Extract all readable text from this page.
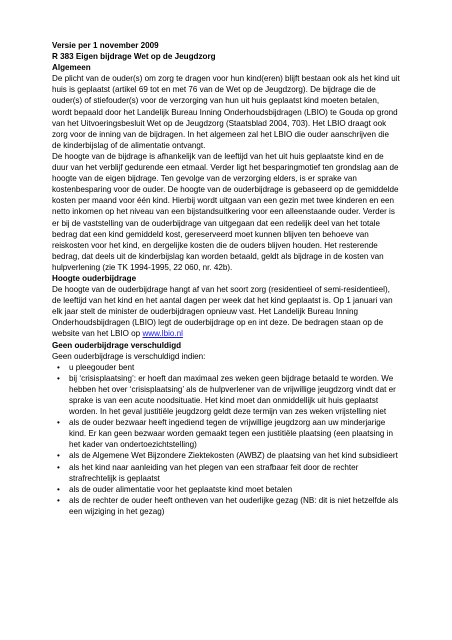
Versie per 1 november 2009

R 383 Eigen bijdrage Wet op de Jeugdzorg

Algemeen

De plicht van de ouder(s) om zorg te dragen voor hun kind(eren) blijft bestaan ook als het kind uit huis is geplaatst (artikel 69 tot en met 76 van de Wet op de Jeugdzorg). De bijdrage die de ouder(s) of stiefouder(s) voor de verzorging van hun uit huis geplaatst kind moeten betalen, wordt bepaald door het Landelijk Bureau Inning Onderhoudsbijdragen (LBIO) te Gouda op grond van het Uitvoeringsbesluit Wet op de Jeugdzorg (Staatsblad 2004, 703). Het LBIO draagt ook zorg voor de inning van de bijdragen. In het algemeen zal het LBIO die ouder aanschrijven die de kinderbijslag of de alimentatie ontvangt.

De hoogte van de bijdrage is afhankelijk van de leeftijd van het uit huis geplaatste kind en de duur van het verblijf gedurende een etmaal. Verder ligt het besparingmotief ten grondslag aan de hoogte van de eigen bijdrage. Ten gevolge van de verzorging elders, is er sprake van kostenbesparing voor de ouder. De hoogte van de ouderbijdrage is gebaseerd op de gemiddelde kosten per maand voor één kind. Hierbij wordt uitgaan van een gezin met twee kinderen en een netto inkomen op het niveau van een bijstandsuitkering voor een alleenstaande ouder. Verder is er bij de vaststelling van de ouderbijdrage van uitgegaan dat een redelijk deel van het totale bedrag dat een kind gemiddeld kost, gereserveerd moet kunnen blijven ten behoeve van reiskosten voor het kind, en dergelijke kosten die de ouders blijven houden. Het resterende bedrag, dat deels uit de kinderbijslag kan worden betaald, geldt als bijdrage in de kosten van hulpverlening (zie TK 1994-1995, 22 060, nr. 42b).

Hoogte ouderbijdrage

De hoogte van de ouderbijdrage hangt af van het soort zorg (residentieel of semi-residentieel), de leeftijd van het kind en het aantal dagen per week dat het kind geplaatst is. Op 1 januari van elk jaar stelt de minister de ouderbijdragen opnieuw vast. Het Landelijk Bureau Inning Onderhoudsbijdragen (LBIO) legt de ouderbijdrage op en int deze. De bedragen staan op de website van het LBIO op www.lbio.nl

Geen ouderbijdrage verschuldigd

Geen ouderbijdrage is verschuldigd indien:

• u pleegouder bent
• bij ‘crisisplaatsing’: er hoeft dan maximaal zes weken geen bijdrage betaald te worden. We hebben het over ‘crisisplaatsing’ als de hulpverlener van de vrijwillige jeugdzorg vindt dat er sprake is van een acute noodsituatie. Het kind moet dan onmiddellijk uit huis geplaatst worden. In het geval justitiële jeugdzorg geldt deze termijn van zes weken vrijstelling niet
• als de ouder bezwaar heeft ingediend tegen de vrijwillige jeugdzorg aan uw minderjarige kind. Er kan geen bezwaar worden gemaakt tegen een justitiële plaatsing (een plaatsing in het kader van ondertoezichtstelling)
• als de Algemene Wet Bijzondere Ziektekosten (AWBZ) de plaatsing van het kind subsidieert
• als het kind naar aanleiding van het plegen van een strafbaar feit door de rechter strafrechtelijk is geplaatst
• als de ouder alimentatie voor het geplaatste kind moet betalen
• als de rechter de ouder heeft ontheven van het ouderlijke gezag (NB: dit is niet hetzelfde als een wijziging in het gezag)
